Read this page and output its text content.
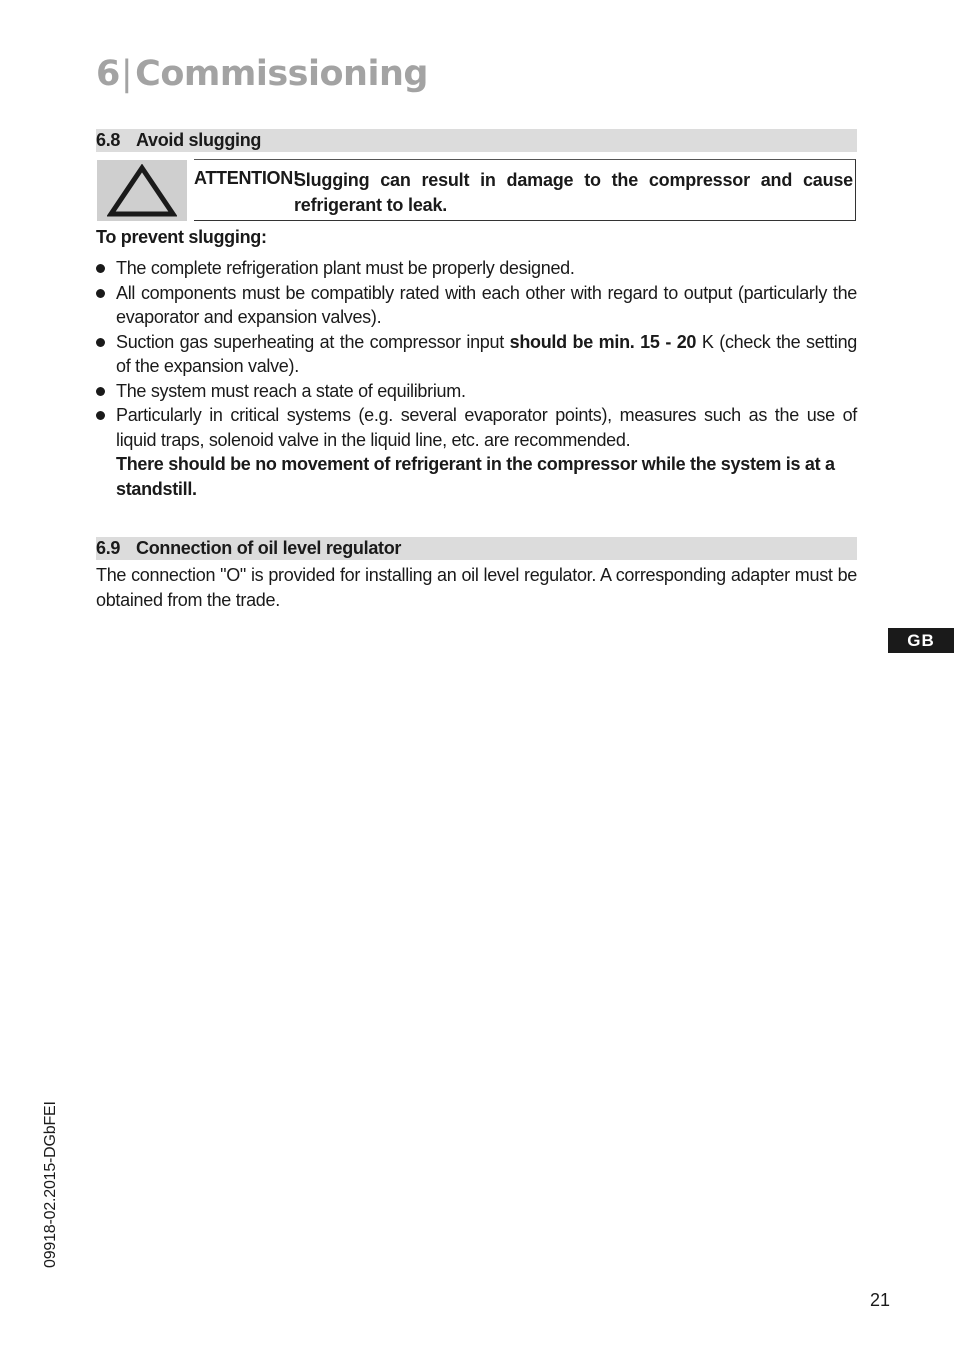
6|Commissioning
6.8 Avoid slugging
ATTENTION!
Slugging can result in damage to the compressor and cause
refrigerant to leak.
To prevent slugging:
The complete refrigeration plant must be properly designed.
All components must be compatibly rated with each other with regard to output (particularly the evaporator and expansion valves).
Suction gas superheating at the compressor input should be min. 15 - 20 K (check the setting of the expansion valve).
The system must reach a state of equilibrium.
Particularly in critical systems (e.g. several evaporator points), measures such as the use of liquid traps, solenoid valve in the liquid line, etc. are recommended.
There should be no movement of refrigerant in the compressor while the system is at a standstill.
6.9 Connection of oil level regulator
The connection "O" is provided for installing an oil level regulator. A corresponding adapter must be obtained from the trade.
GB
09918-02.2015-DGbFEI
21
